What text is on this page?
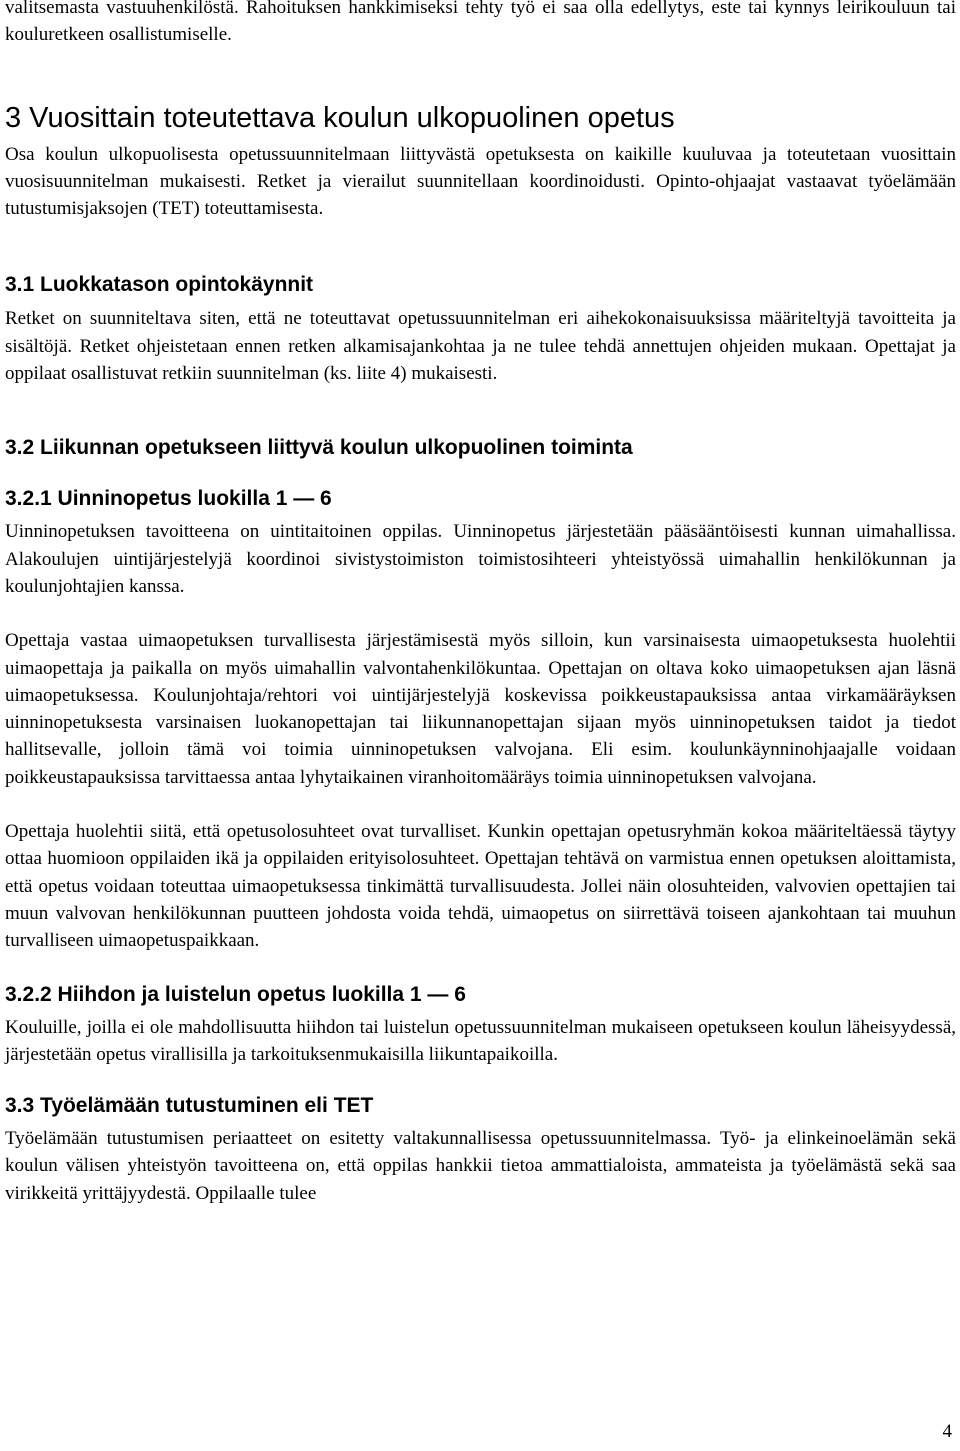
valitsemasta vastuuhenkilöstä. Rahoituksen hankkimiseksi tehty työ ei saa olla edellytys, este tai kynnys leirikouluun tai kouluretkeen osallistumiselle.

3 Vuosittain toteutettava koulun ulkopuolinen opetus

Osa koulun ulkopuolisesta opetussuunnitelmaan liittyvästä opetuksesta on kaikille kuuluvaa ja toteutetaan vuosittain vuosisuunnitelman mukaisesti. Retket ja vierailut suunnitellaan koordinoidusti. Opinto-ohjaajat vastaavat työelämään tutustumisjaksojen (TET) toteuttamisesta.

3.1 Luokkatason opintokäynnit

Retket on suunniteltava siten, että ne toteuttavat opetussuunnitelman eri aihekokonaisuuksissa määriteltyjä tavoitteita ja sisältöjä. Retket ohjeistetaan ennen retken alkamisajankohtaa ja ne tulee tehdä annettujen ohjeiden mukaan. Opettajat ja oppilaat osallistuvat retkiin suunnitelman (ks. liite 4) mukaisesti.

3.2 Liikunnan opetukseen liittyvä koulun ulkopuolinen toiminta
3.2.1 Uinninopetus luokilla 1 — 6

Uinninopetuksen tavoitteena on uintitaitoinen oppilas. Uinninopetus järjestetään pääsääntöisesti kunnan uimahallissa. Alakoulujen uintijärjestelyjä koordinoi sivistystoimiston toimistosihteeri yhteistyössä uimahallin henkilökunnan ja koulunjohtajien kanssa.

Opettaja vastaa uimaopetuksen turvallisesta järjestämisestä myös silloin, kun varsinaisesta uimaopetuksesta huolehtii uimaopettaja ja paikalla on myös uimahallin valvontahenkilökuntaa. Opettajan on oltava koko uimaopetuksen ajan läsnä uimaopetuksessa. Koulunjohtaja/rehtori voi uintijärjestelyjä koskevissa poikkeustapauksissa antaa virkamääräyksen uinninopetuksesta varsinaisen luokanopettajan tai liikunnanopettajan sijaan myös uinninopetuksen taidot ja tiedot hallitsevalle, jolloin tämä voi toimia uinninopetuksen valvojana. Eli esim. koulunkäynninohjaajalle voidaan poikkeustapauksissa tarvittaessa antaa lyhytaikainen viranhoitomääräys toimia uinninopetuksen valvojana.

Opettaja huolehtii siitä, että opetusolosuhteet ovat turvalliset. Kunkin opettajan opetusryhmän kokoa määriteltäessä täytyy ottaa huomioon oppilaiden ikä ja oppilaiden erityisolosuhteet. Opettajan tehtävä on varmistua ennen opetuksen aloittamista, että opetus voidaan toteuttaa uimaopetuksessa tinkimättä turvallisuudesta. Jollei näin olosuhteiden, valvovien opettajien tai muun valvovan henkilökunnan puutteen johdosta voida tehdä, uimaopetus on siirrettävä toiseen ajankohtaan tai muuhun turvalliseen uimaopetuspaikkaan.

3.2.2 Hiihdon ja luistelun opetus luokilla 1 — 6

Kouluille, joilla ei ole mahdollisuutta hiihdon tai luistelun opetussuunnitelman mukaiseen opetukseen koulun läheisyydessä, järjestetään opetus virallisilla ja tarkoituksenmukaisilla liikuntapaikoilla.

3.3 Työelämään tutustuminen eli TET

Työelämään tutustumisen periaatteet on esitetty valtakunnallisessa opetussuunnitelmassa. Työ- ja elinkeinoelämän sekä koulun välisen yhteistyön tavoitteena on, että oppilas hankkii tietoa ammattialoista, ammateista ja työelämästä sekä saa virikkeitä yrittäjyydestä. Oppilaalle tulee

4
